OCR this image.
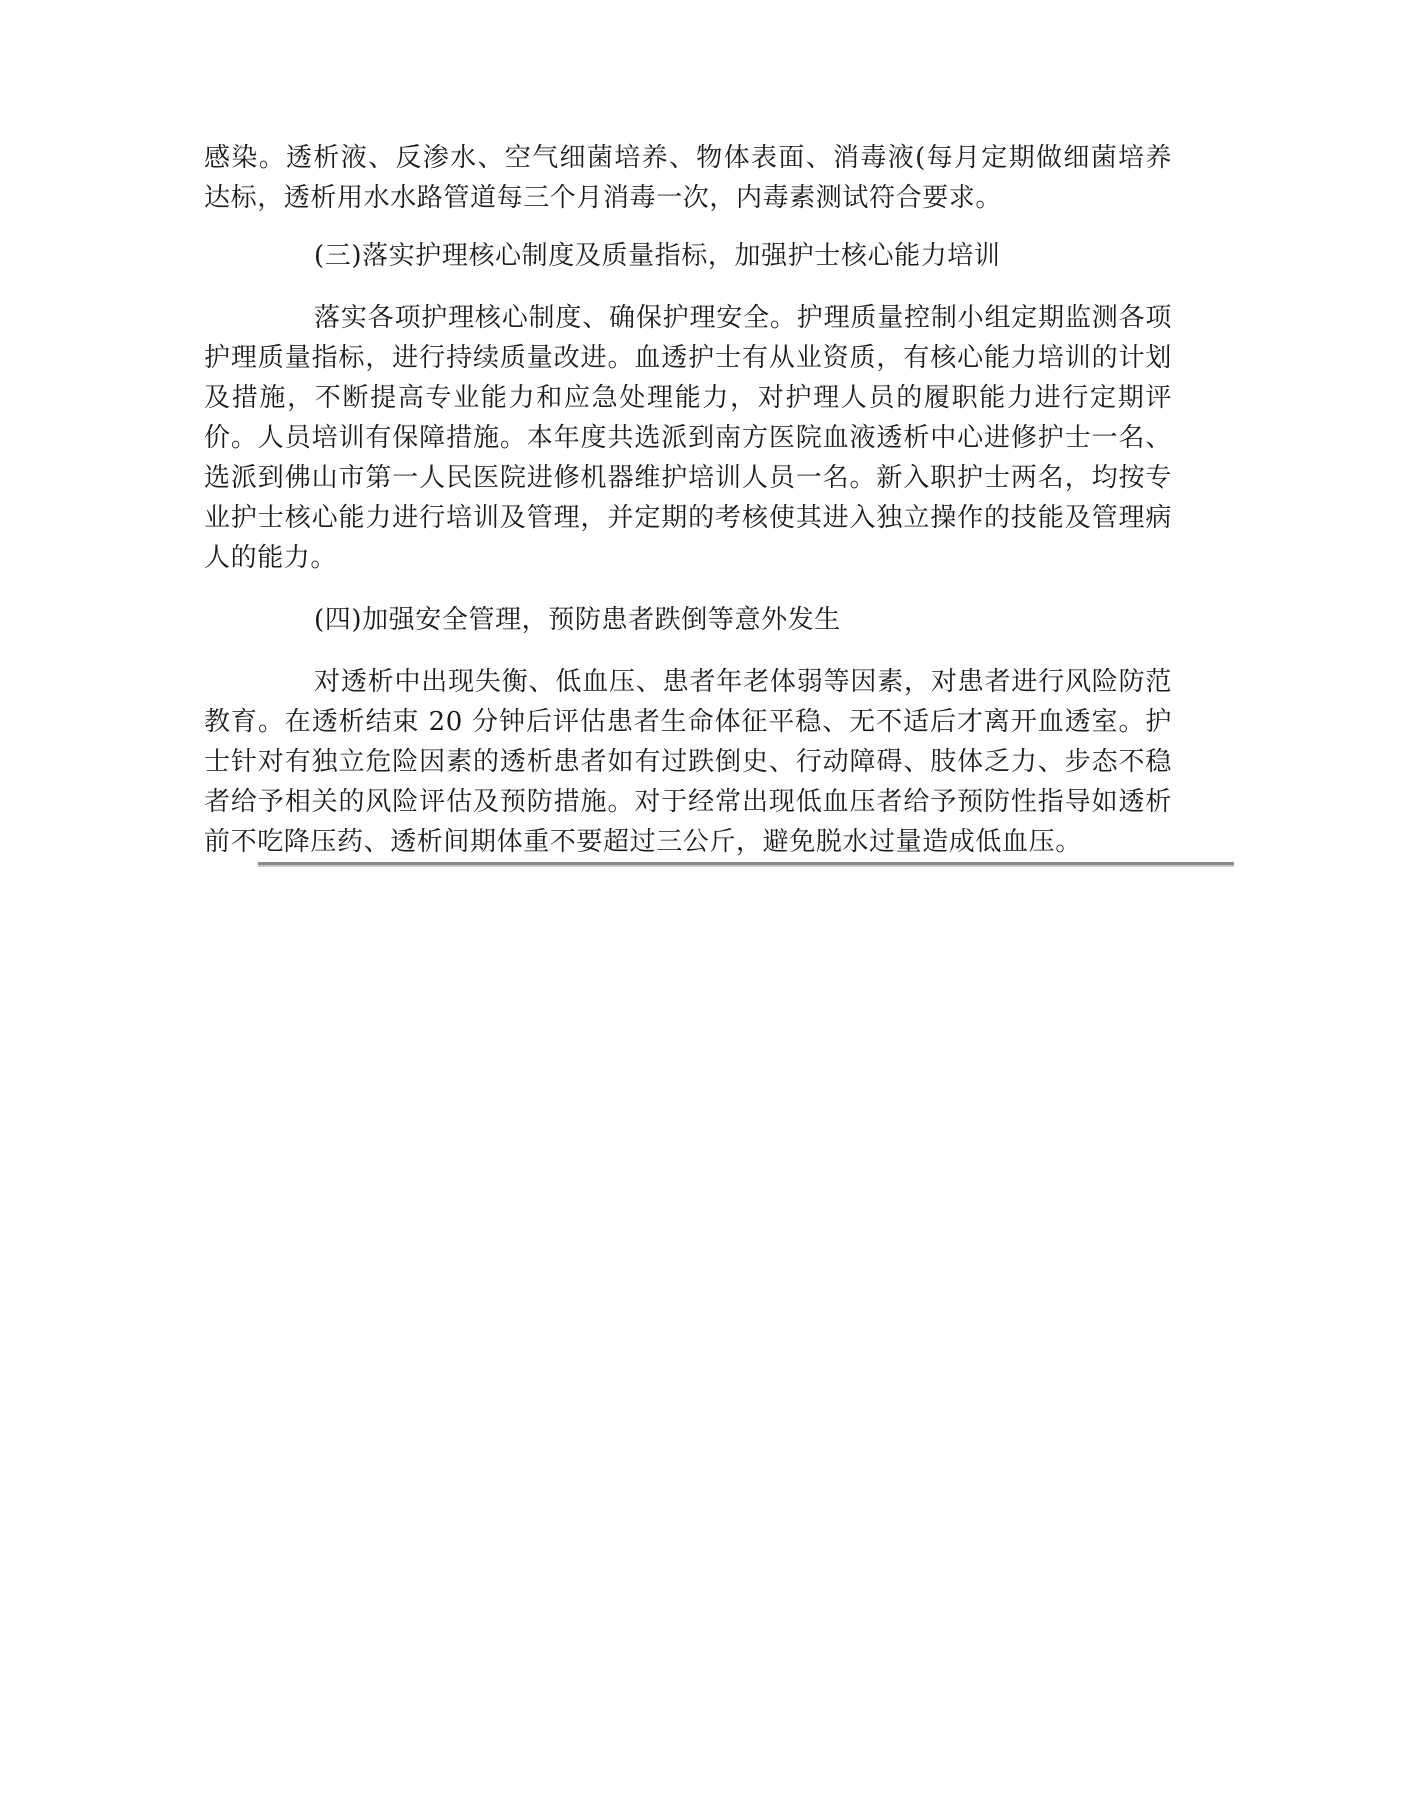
感染。透析液、反渗水、空气细菌培养、物体表面、消毒液(每月定期做细菌培养达标，透析用水水路管道每三个月消毒一次，内毒素测试符合要求。

(三)落实护理核心制度及质量指标，加强护士核心能力培训

落实各项护理核心制度、确保护理安全。护理质量控制小组定期监测各项护理质量指标，进行持续质量改进。血透护士有从业资质，有核心能力培训的计划及措施，不断提高专业能力和应急处理能力，对护理人员的履职能力进行定期评价。人员培训有保障措施。本年度共选派到南方医院血液透析中心进修护士一名、选派到佛山市第一人民医院进修机器维护培训人员一名。新入职护士两名，均按专业护士核心能力进行培训及管理，并定期的考核使其进入独立操作的技能及管理病人的能力。

(四)加强安全管理，预防患者跌倒等意外发生

对透析中出现失衡、低血压、患者年老体弱等因素，对患者进行风险防范教育。在透析结束 20 分钟后评估患者生命体征平稳、无不适后才离开血透室。护士针对有独立危险因素的透析患者如有过跌倒史、行动障碍、肢体乏力、步态不稳者给予相关的风险评估及预防措施。对于经常出现低血压者给予预防性指导如透析前不吃降压药、透析间期体重不要超过三公斤，避免脱水过量造成低血压。
